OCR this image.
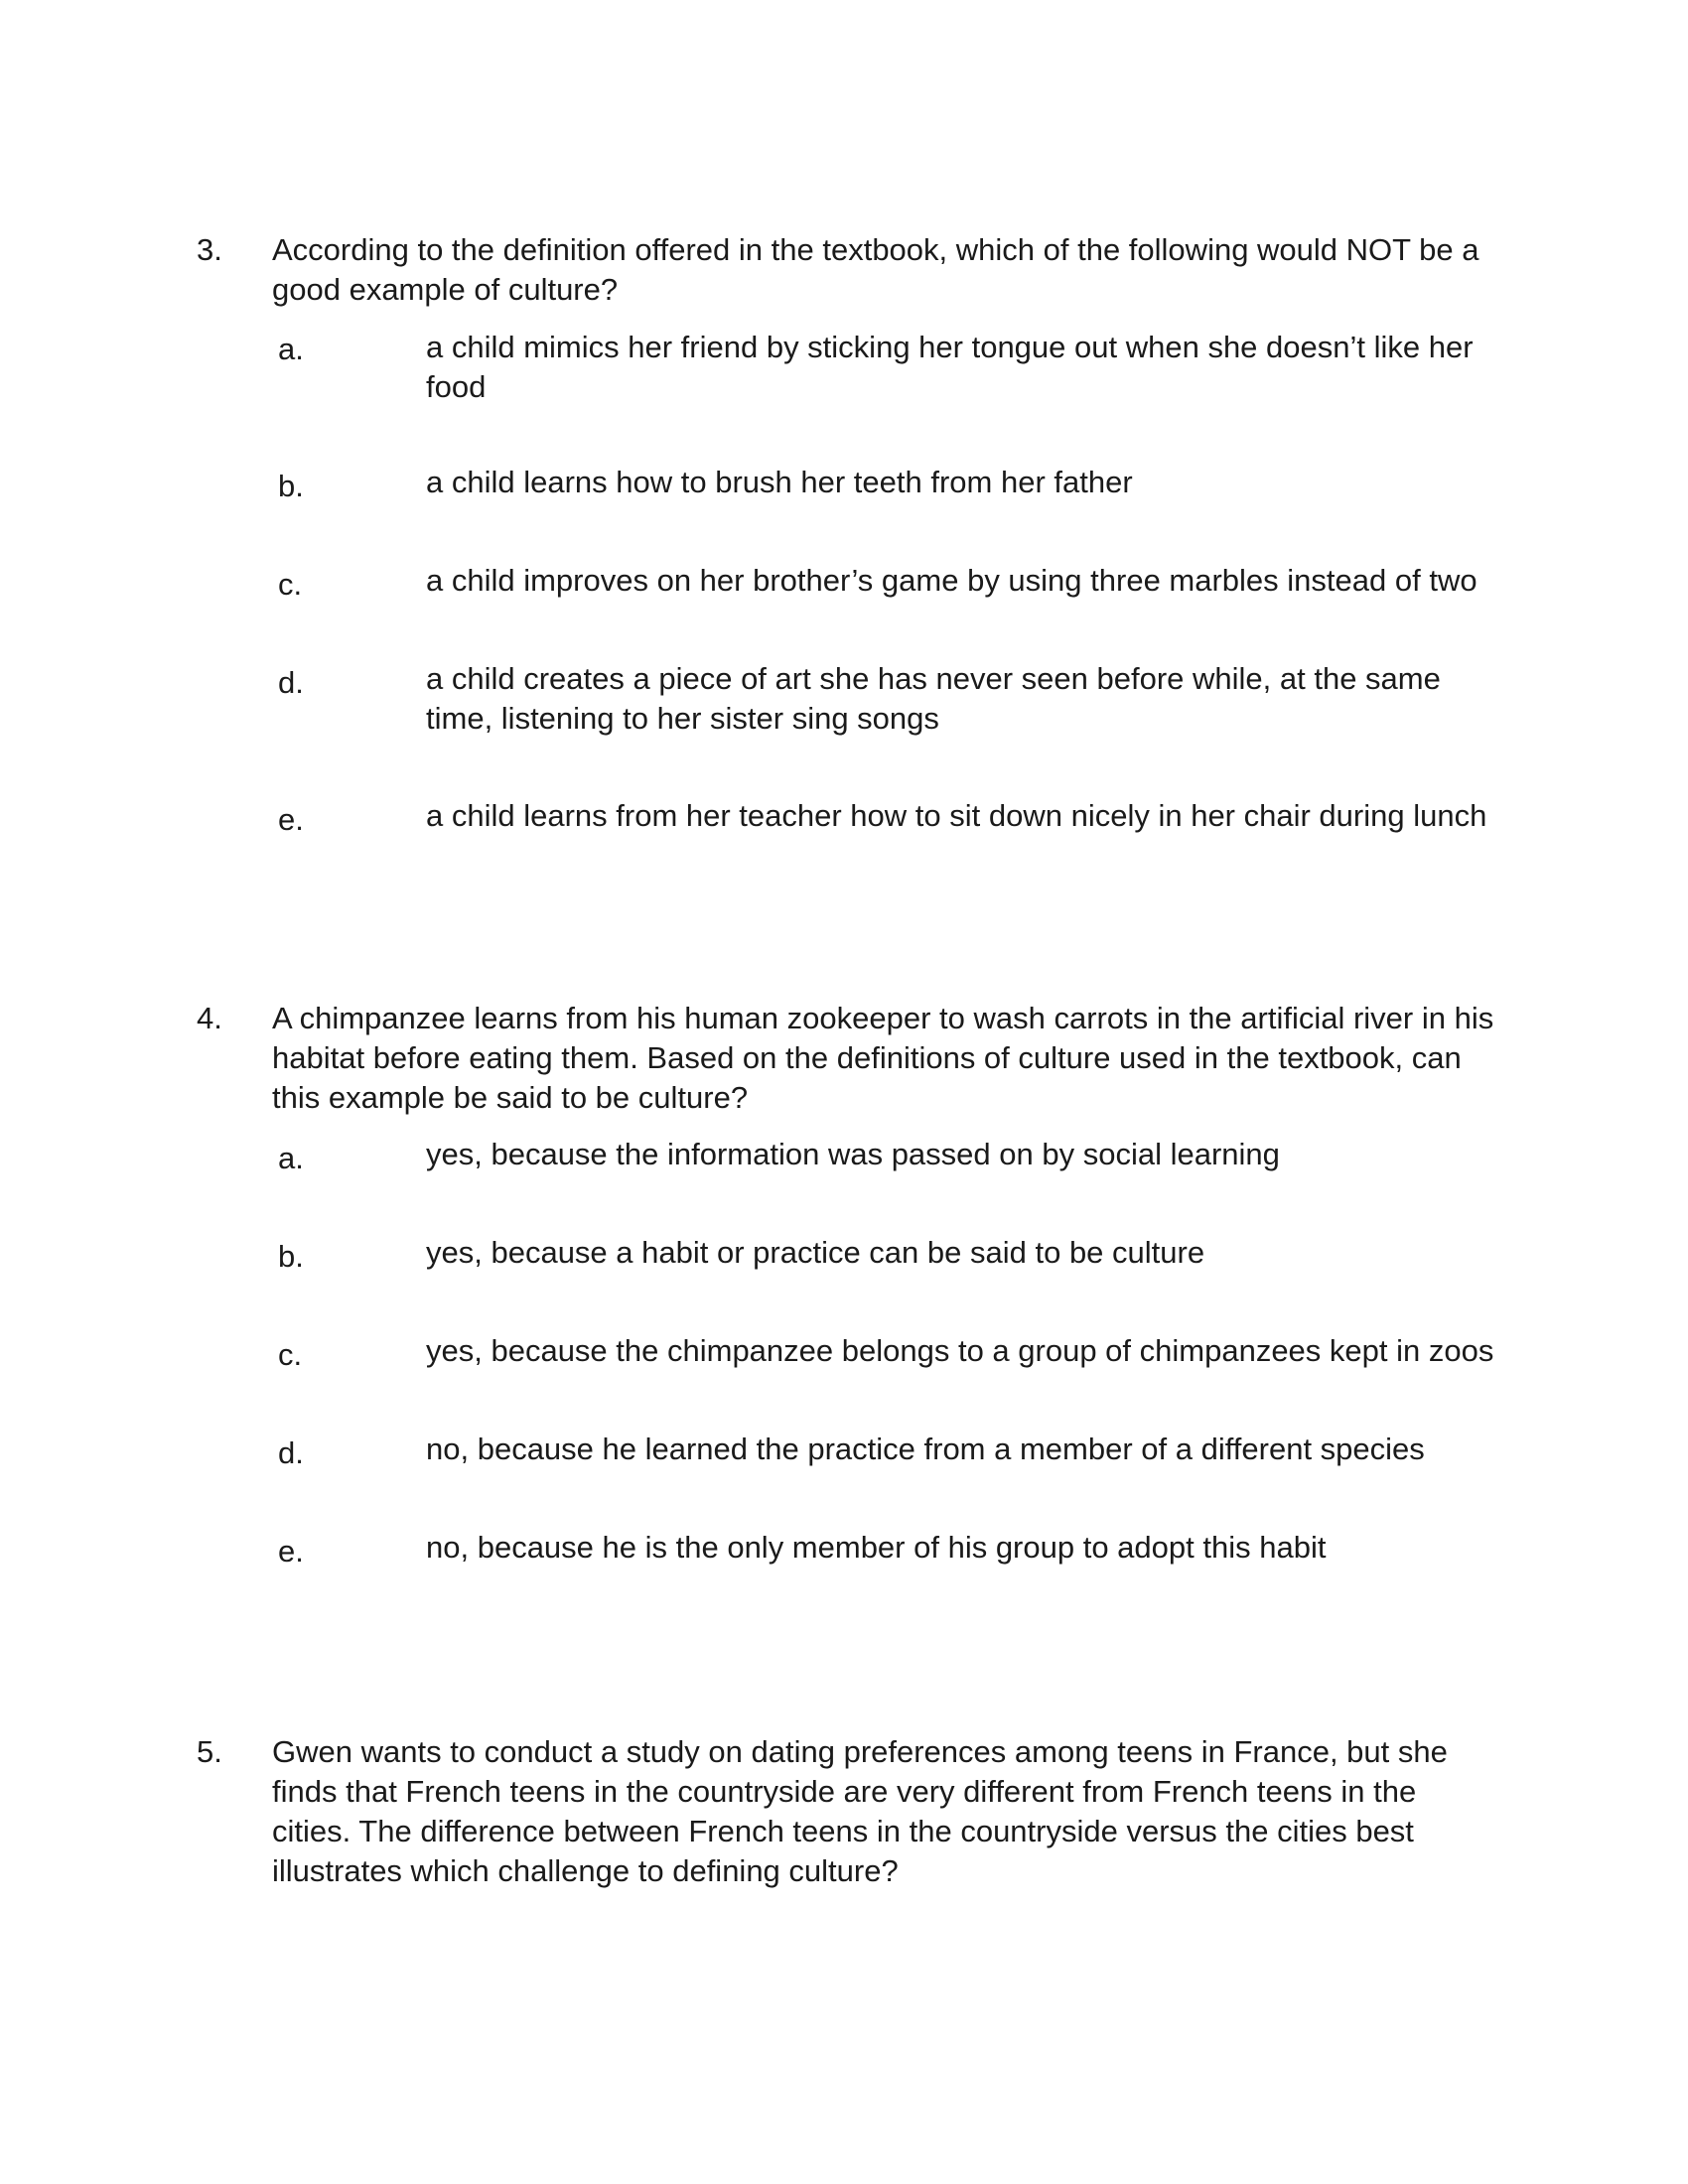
3. According to the definition offered in the textbook, which of the following would NOT be a good example of culture?
a.	a child mimics her friend by sticking her tongue out when she doesn’t like her food
b.	a child learns how to brush her teeth from her father
c.	a child improves on her brother’s game by using three marbles instead of two
d.	a child creates a piece of art she has never seen before while, at the same time, listening to her sister sing songs
e.	a child learns from her teacher how to sit down nicely in her chair during lunch
4. A chimpanzee learns from his human zookeeper to wash carrots in the artificial river in his habitat before eating them. Based on the definitions of culture used in the textbook, can this example be said to be culture?
a.	yes, because the information was passed on by social learning
b.	yes, because a habit or practice can be said to be culture
c.	yes, because the chimpanzee belongs to a group of chimpanzees kept in zoos
d.	no, because he learned the practice from a member of a different species
e.	no, because he is the only member of his group to adopt this habit
5. Gwen wants to conduct a study on dating preferences among teens in France, but she finds that French teens in the countryside are very different from French teens in the cities. The difference between French teens in the countryside versus the cities best illustrates which challenge to defining culture?
